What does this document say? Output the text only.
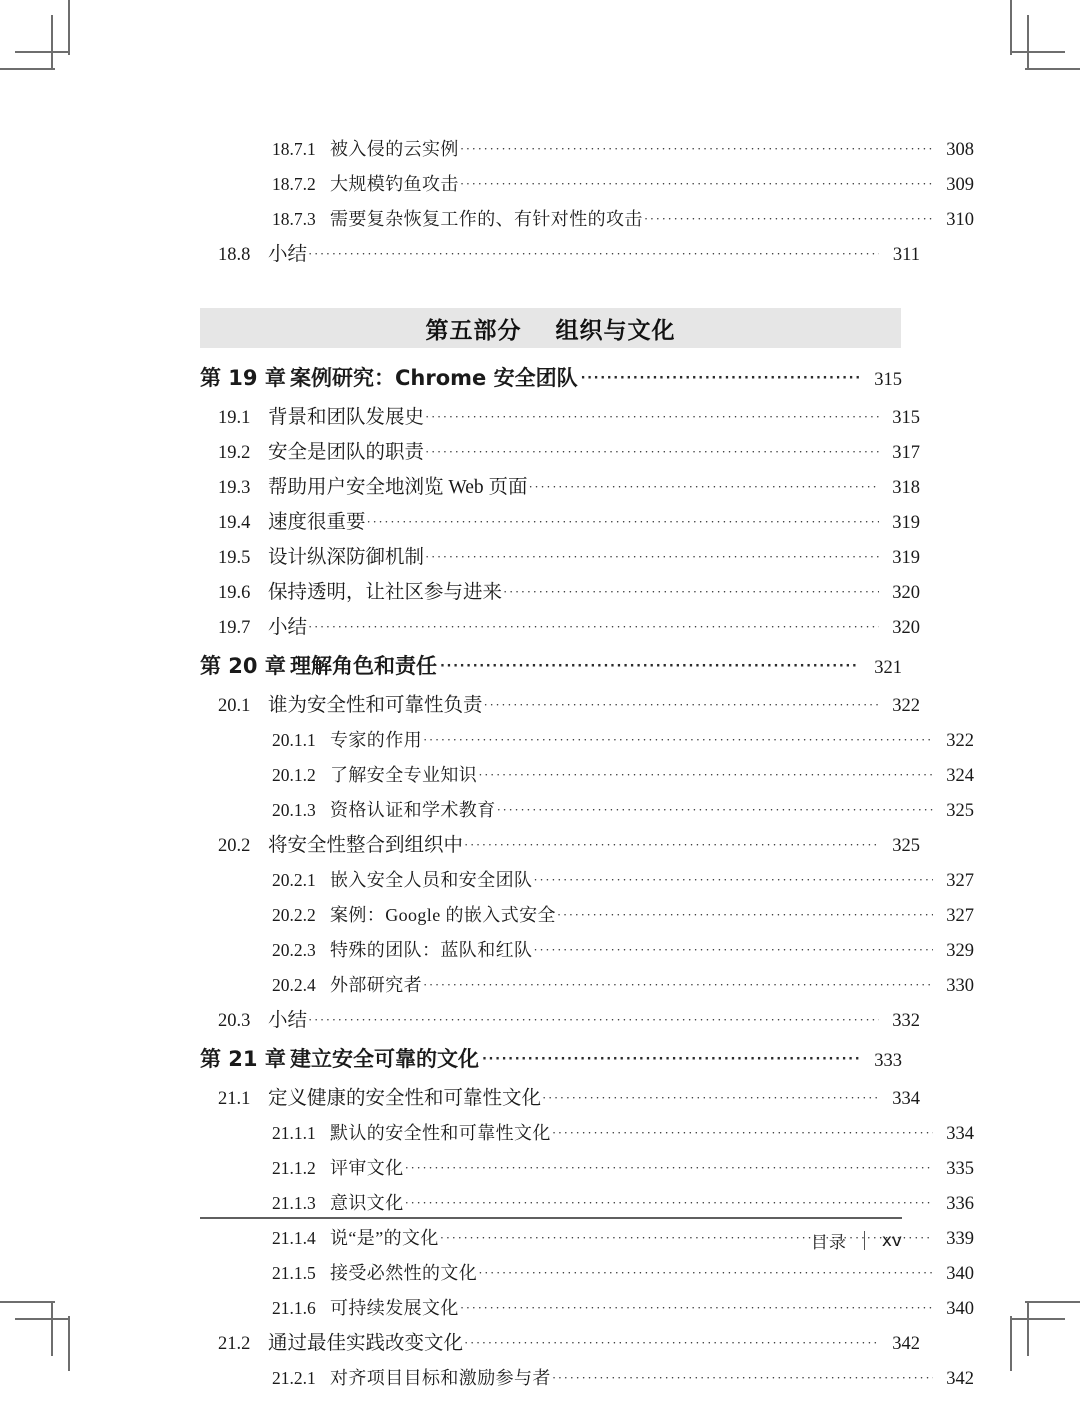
18.7.1 被入侵的云实例 ·····	308
18.7.2 大规模钓鱼攻击 ·····	309
18.7.3 需要复杂恢复工作的、有针对性的攻击 ·····	310
18.8 小结 ·····	311
第五部分 组织与文化
第 19 章 案例研究：Chrome 安全团队 ·····	315
19.1 背景和团队发展史 ·····	315
19.2 安全是团队的职责 ·····	317
19.3 帮助用户安全地浏览 Web 页面 ·····	318
19.4 速度很重要 ·····	319
19.5 设计纵深防御机制 ·····	319
19.6 保持透明，让社区参与进来 ·····	320
19.7 小结 ·····	320
第 20 章 理解角色和责任 ·····	321
20.1 谁为安全性和可靠性负责 ·····	322
20.1.1 专家的作用 ·····	322
20.1.2 了解安全专业知识 ·····	324
20.1.3 资格认证和学术教育 ·····	325
20.2 将安全性整合到组织中 ·····	325
20.2.1 嵌入安全人员和安全团队 ·····	327
20.2.2 案例：Google 的嵌入式安全 ·····	327
20.2.3 特殊的团队：蓝队和红队 ·····	329
20.2.4 外部研究者 ·····	330
20.3 小结 ·····	332
第 21 章 建立安全可靠的文化 ·····	333
21.1 定义健康的安全性和可靠性文化 ·····	334
21.1.1 默认的安全性和可靠性文化 ·····	334
21.1.2 评审文化 ·····	335
21.1.3 意识文化 ·····	336
21.1.4 说“是”的文化 ·····	339
21.1.5 接受必然性的文化 ·····	340
21.1.6 可持续发展文化 ·····	340
21.2 通过最佳实践改变文化 ·····	342
21.2.1 对齐项目目标和激励参与者 ·····	342
目录 xv
